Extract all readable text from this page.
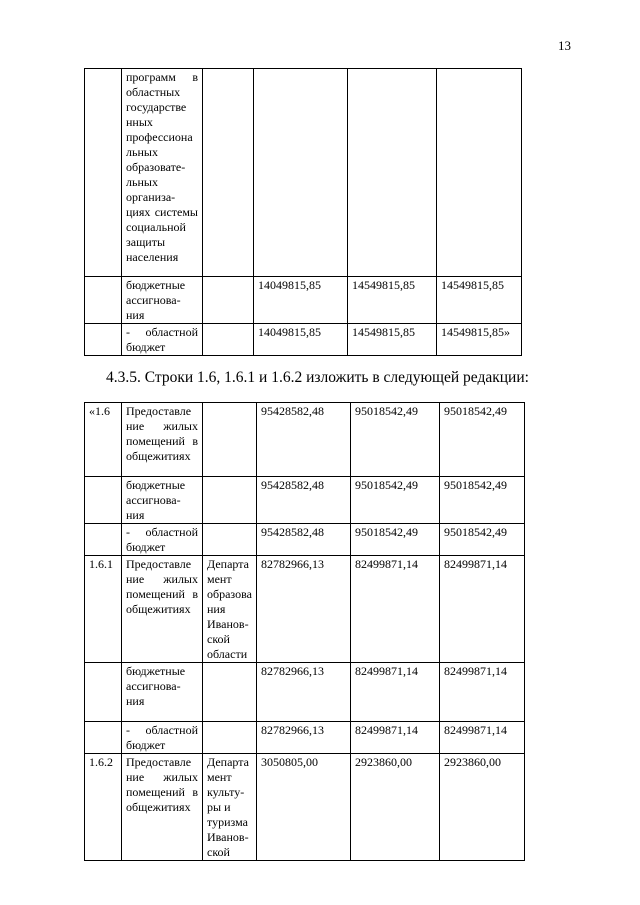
13
	программ в областных государстве нных профессиона льных образовате- льных организа- циях системы социальной защиты населения				
	бюджетные ассигнова- ния		14049815,85	14549815,85	14549815,85
	- областной бюджет		14049815,85	14549815,85	14549815,85»
4.3.5. Строки 1.6, 1.6.1 и 1.6.2 изложить в следующей редакции:
«1.6	Предоставле ние жилых помещений в общежитиях		95428582,48	95018542,49	95018542,49
	бюджетные ассигнова- ния		95428582,48	95018542,49	95018542,49
	- областной бюджет		95428582,48	95018542,49	95018542,49
1.6.1	Предоставле ние жилых помещений в общежитиях	Департа мент образова ния Иванов- ской области	82782966,13	82499871,14	82499871,14
	бюджетные ассигнова- ния		82782966,13	82499871,14	82499871,14
	- областной бюджет		82782966,13	82499871,14	82499871,14
1.6.2	Предоставле ние жилых помещений в общежитиях	Департа мент культу- ры и туризма Иванов- ской	3050805,00	2923860,00	2923860,00
